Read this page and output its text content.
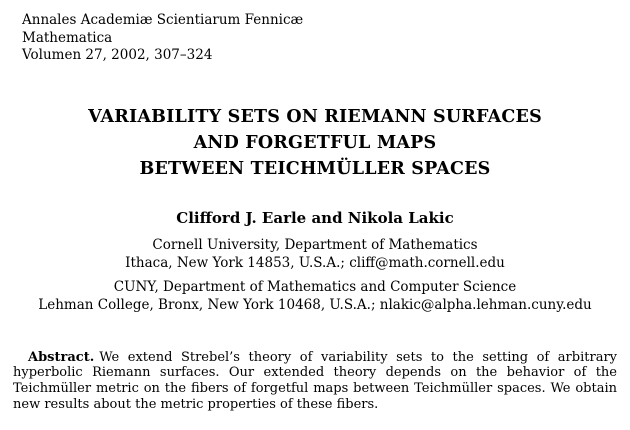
Annales Academiæ Scientiarum Fennicæ
Mathematica
Volumen 27, 2002, 307–324
VARIABILITY SETS ON RIEMANN SURFACES
AND FORGETFUL MAPS
BETWEEN TEICHMÜLLER SPACES
Clifford J. Earle and Nikola Lakic
Cornell University, Department of Mathematics
Ithaca, New York 14853, U.S.A.; cliff@math.cornell.edu
CUNY, Department of Mathematics and Computer Science
Lehman College, Bronx, New York 10468, U.S.A.; nlakic@alpha.lehman.cuny.edu

Abstract. We extend Strebel’s theory of variability sets to the setting of arbitrary hyperbolic Riemann surfaces. Our extended theory depends on the behavior of the Teichmüller metric on the fibers of forgetful maps between Teichmüller spaces. We obtain new results about the metric properties of these fibers.
